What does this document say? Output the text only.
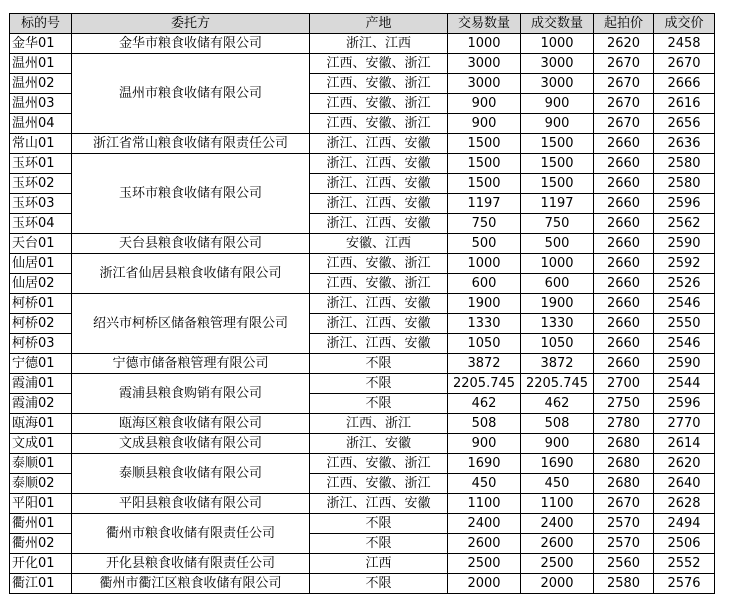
标的号	委托方	产地	交易数量	成交数量	起拍价	成交价
金华01	金华市粮食收储有限公司	浙江、江西	1000	1000	2620	2458
温州01	温州市粮食收储有限公司	江西、安徽、浙江	3000	3000	2670	2670
温州02		江西、安徽、浙江	3000	3000	2670	2666
温州03		江西、安徽、浙江	900	900	2670	2616
温州04		江西、安徽、浙江	900	900	2670	2656
常山01	浙江省常山粮食收储有限责任公司	浙江、江西、安徽	1500	1500	2660	2636
玉环01	玉环市粮食收储有限公司	浙江、江西、安徽	1500	1500	2660	2580
玉环02		浙江、江西、安徽	1500	1500	2660	2580
玉环03		浙江、江西、安徽	1197	1197	2660	2596
玉环04		浙江、江西、安徽	750	750	2660	2562
天台01	天台县粮食收储有限公司	安徽、江西	500	500	2660	2590
仙居01	浙江省仙居县粮食收储有限公司	江西、安徽、浙江	1000	1000	2660	2592
仙居02		江西、安徽、浙江	600	600	2660	2526
柯桥01	绍兴市柯桥区储备粮管理有限公司	浙江、江西、安徽	1900	1900	2660	2546
柯桥02		浙江、江西、安徽	1330	1330	2660	2550
柯桥03		浙江、江西、安徽	1050	1050	2660	2546
宁德01	宁德市储备粮管理有限公司	不限	3872	3872	2660	2590
霞浦01	霞浦县粮食购销有限公司	不限	2205.745	2205.745	2700	2544
霞浦02		不限	462	462	2750	2596
瓯海01	瓯海区粮食收储有限公司	江西、浙江	508	508	2780	2770
文成01	文成县粮食收储有限公司	浙江、安徽	900	900	2680	2614
泰顺01	泰顺县粮食收储有限公司	江西、安徽、浙江	1690	1690	2680	2620
泰顺02		江西、安徽、浙江	450	450	2680	2640
平阳01	平阳县粮食收储有限公司	浙江、江西、安徽	1100	1100	2670	2628
衢州01	衢州市粮食收储有限责任公司	不限	2400	2400	2570	2494
衢州02		不限	2600	2600	2570	2506
开化01	开化县粮食收储有限责任公司	江西	2500	2500	2560	2552
衢江01	衢州市衢江区粮食收储有限公司	不限	2000	2000	2580	2576
